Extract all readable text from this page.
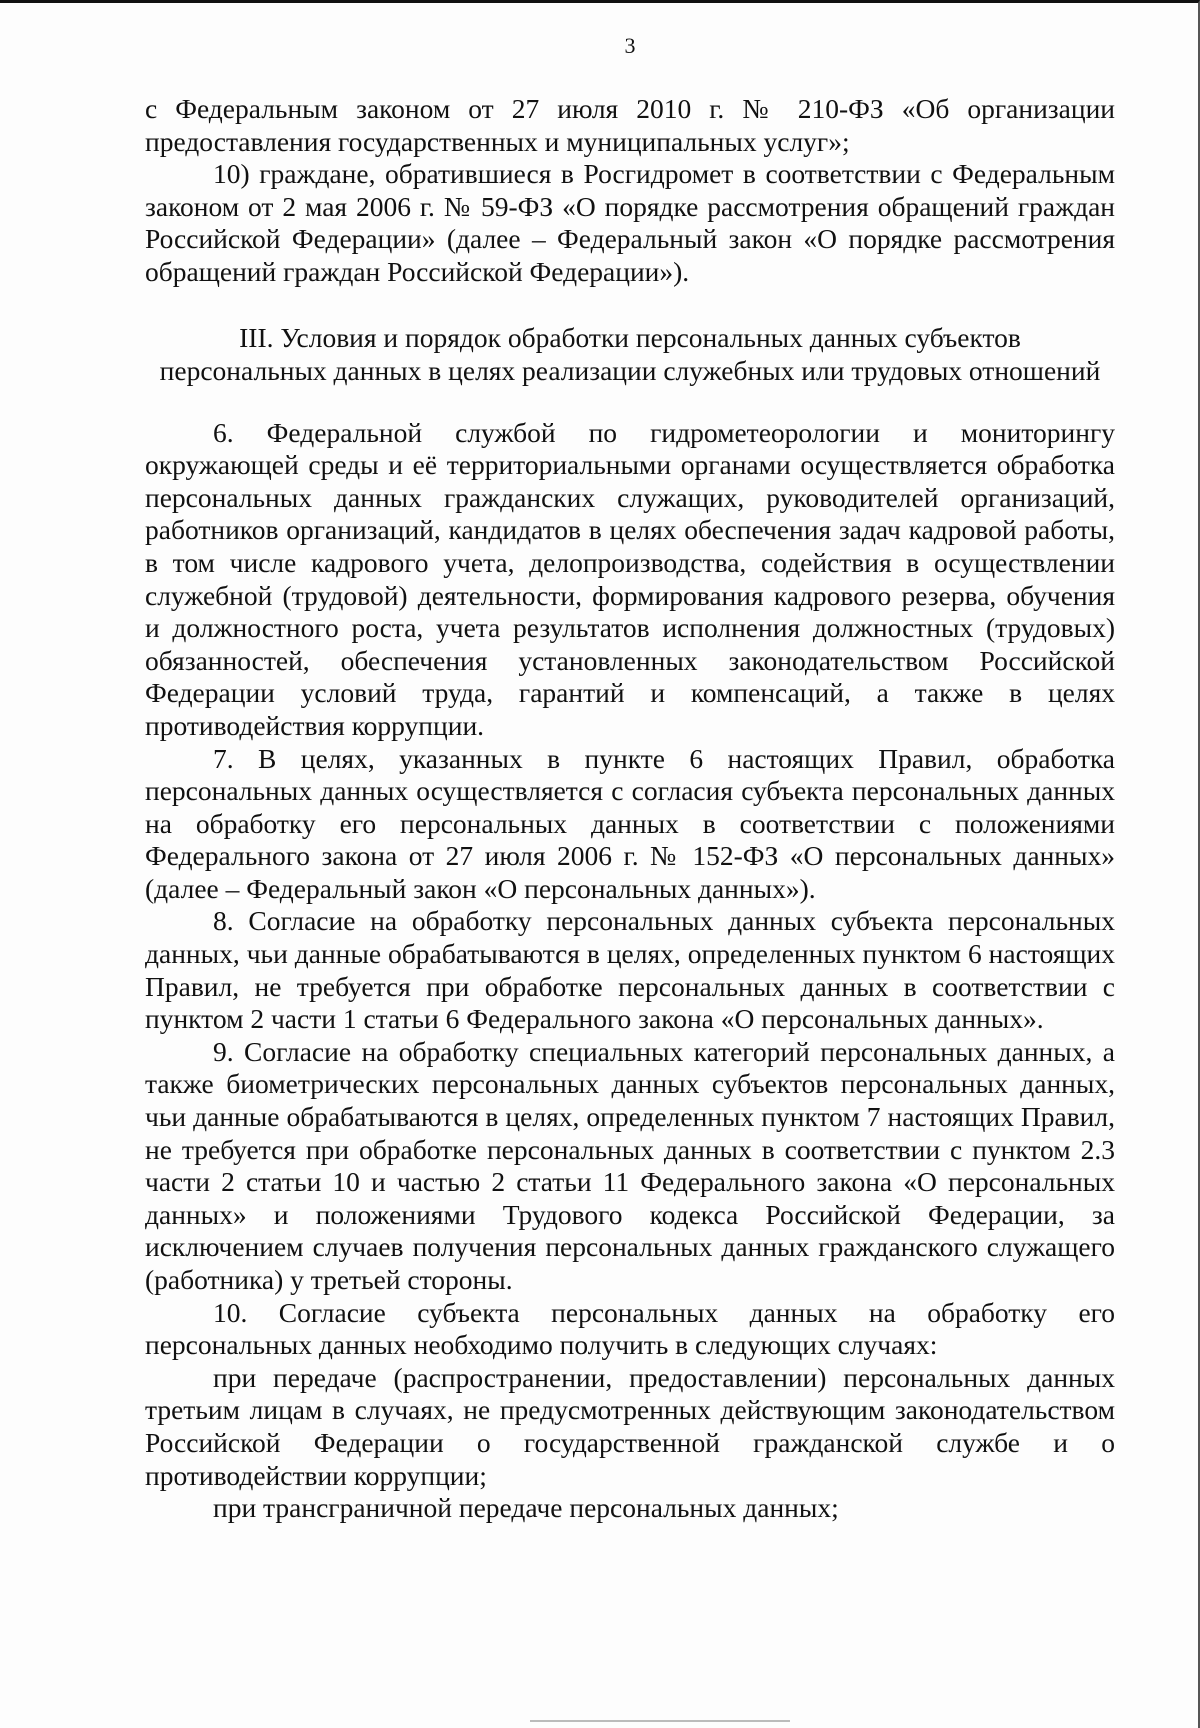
3

с Федеральным законом от 27 июля 2010 г. № 210-ФЗ «Об организации предоставления государственных и муниципальных услуг»;

10) граждане, обратившиеся в Росгидромет в соответствии с Федеральным законом от 2 мая 2006 г. № 59-ФЗ «О порядке рассмотрения обращений граждан Российской Федерации» (далее – Федеральный закон «О порядке рассмотрения обращений граждан Российской Федерации»).

III. Условия и порядок обработки персональных данных субъектов

персональных данных в целях реализации служебных или трудовых отношений

6. Федеральной службой по гидрометеорологии и мониторингу окружающей среды и её территориальными органами осуществляется обработка персональных данных гражданских служащих, руководителей организаций, работников организаций, кандидатов в целях обеспечения задач кадровой работы, в том числе кадрового учета, делопроизводства, содействия в осуществлении служебной (трудовой) деятельности, формирования кадрового резерва, обучения и должностного роста, учета результатов исполнения должностных (трудовых) обязанностей, обеспечения установленных законодательством Российской Федерации условий труда, гарантий и компенсаций, а также в целях противодействия коррупции.

7. В целях, указанных в пункте 6 настоящих Правил, обработка персональных данных осуществляется с согласия субъекта персональных данных на обработку его персональных данных в соответствии с положениями Федерального закона от 27 июля 2006 г. № 152-ФЗ «О персональных данных» (далее – Федеральный закон «О персональных данных»).

8. Согласие на обработку персональных данных субъекта персональных данных, чьи данные обрабатываются в целях, определенных пунктом 6 настоящих Правил, не требуется при обработке персональных данных в соответствии с пунктом 2 части 1 статьи 6 Федерального закона «О персональных данных».

9. Согласие на обработку специальных категорий персональных данных, а также биометрических персональных данных субъектов персональных данных, чьи данные обрабатываются в целях, определенных пунктом 7 настоящих Правил, не требуется при обработке персональных данных в соответствии с пунктом 2.3 части 2 статьи 10 и частью 2 статьи 11 Федерального закона «О персональных данных» и положениями Трудового кодекса Российской Федерации, за исключением случаев получения персональных данных гражданского служащего (работника) у третьей стороны.

10. Согласие субъекта персональных данных на обработку его персональных данных необходимо получить в следующих случаях:

при передаче (распространении, предоставлении) персональных данных третьим лицам в случаях, не предусмотренных действующим законодательством Российской Федерации о государственной гражданской службе и о противодействии коррупции;

при трансграничной передаче персональных данных;
